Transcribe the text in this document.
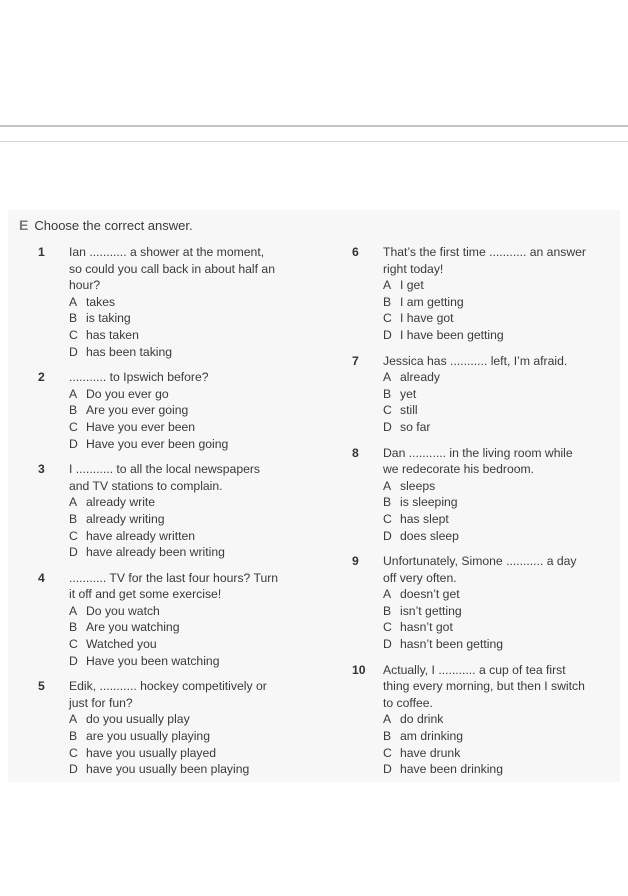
E Choose the correct answer.
1	Ian ........... a shower at the moment,
so could you call back in about half an
hour?
A takes
B is taking
C has taken
D has been taking
2	........... to Ipswich before?
A Do you ever go
B Are you ever going
C Have you ever been
D Have you ever been going
3	I ........... to all the local newspapers
and TV stations to complain.
A already write
B already writing
C have already written
D have already been writing
4	........... TV for the last four hours? Turn
it off and get some exercise!
A Do you watch
B Are you watching
C Watched you
D Have you been watching
5	Edik, ........... hockey competitively or
just for fun?
A do you usually play
B are you usually playing
C have you usually played
D have you usually been playing
6	That’s the first time ........... an answer
right today!
A I get
B I am getting
C I have got
D I have been getting
7	Jessica has ........... left, I’m afraid.
A already
B yet
C still
D so far
8	Dan ........... in the living room while
we redecorate his bedroom.
A sleeps
B is sleeping
C has slept
D does sleep
9	Unfortunately, Simone ........... a day
off very often.
A doesn’t get
B isn’t getting
C hasn’t got
D hasn’t been getting
10 Actually, I ........... a cup of tea first
thing every morning, but then I switch
to coffee.
A do drink
B am drinking
C have drunk
D have been drinking
